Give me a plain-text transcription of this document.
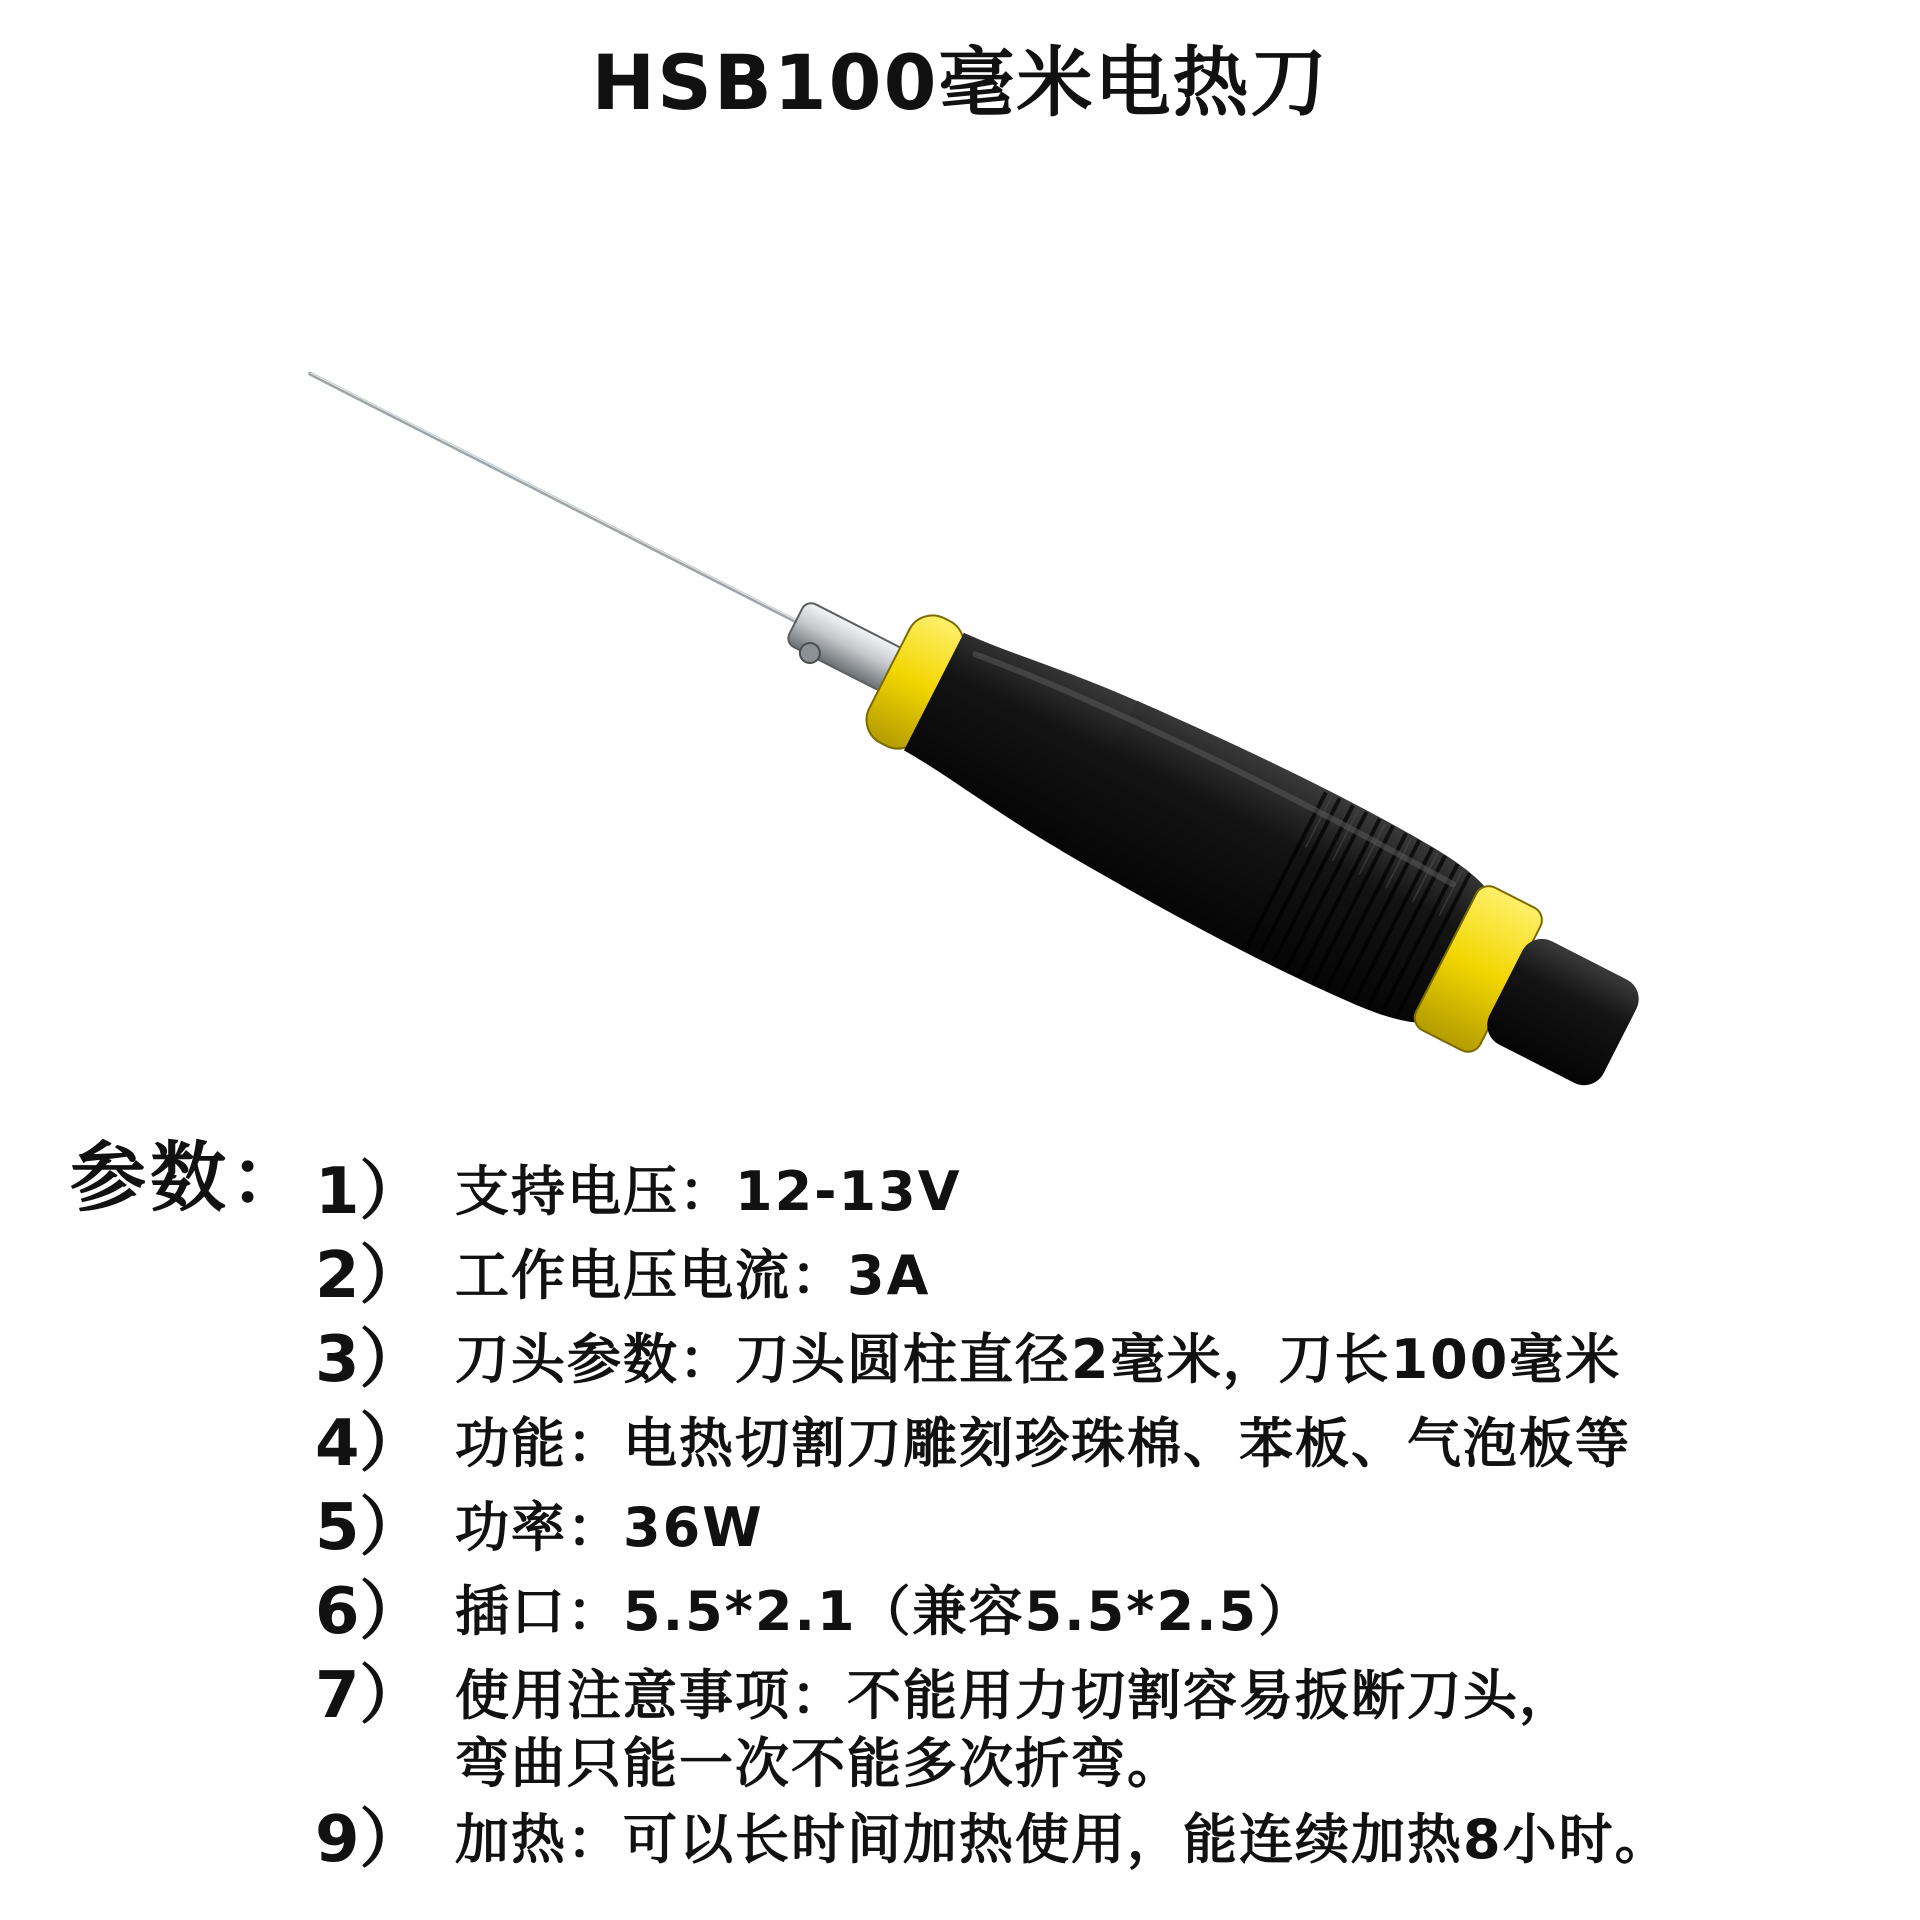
HSB100毫米电热刀
参数： 1） 支持电压：12-13V
2） 工作电压电流：3A
3） 刀头参数：刀头圆柱直径2毫米，刀长100毫米
4） 功能：电热切割刀雕刻珍珠棉、苯板、气泡板等
5） 功率：36W
6） 插口：5.5*2.1（兼容5.5*2.5）
7） 使用注意事项：不能用力切割容易扳断刀头，
弯曲只能一次不能多次折弯。
9） 加热：可以长时间加热使用，能连续加热8小时。
